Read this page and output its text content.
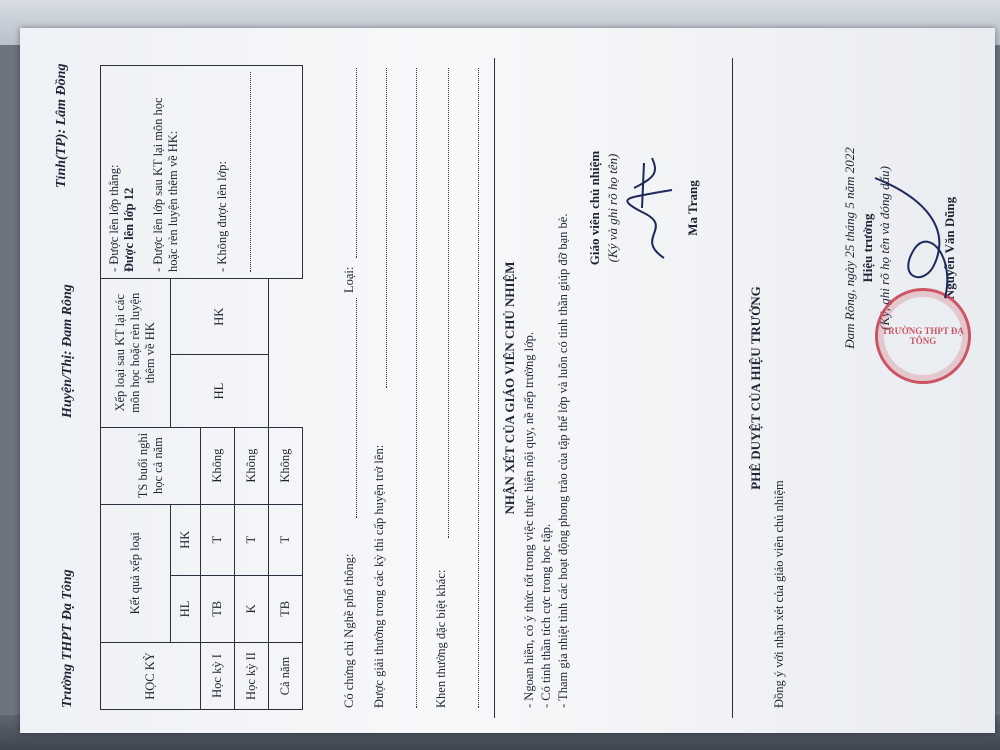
Trường THPT Đạ Tông
Huyện/Thị: Đam Rông
Tỉnh(TP): Lâm Đồng
HỌC KỲ	Kết quả xếp loại		TS buổi nghỉ học cả năm	Xếp loại sau KT lại các môn học hoặc rèn luyện thêm về HK		- Được lên lớp thẳng: Được lên lớp 12 - Được lên lớp sau KT lại môn học hoặc rèn luyện thêm về HK: - Không được lên lớp:

	HL	HK		HL	HK	
Học kỳ I	TB	T	Không			
Học kỳ II	K	T	Không			
Cả năm	TB	T	Không			
Có chứng chỉ Nghề phổ thông:
Loại:
Được giải thưởng trong các kỳ thi cấp huyện trở lên:	Khen thưởng đặc biệt khác:
NHẬN XÉT CỦA GIÁO VIÊN CHỦ NHIỆM - Ngoan hiền, có ý thức tốt trong việc thực hiện nội quy, nề nếp trường lớp. - Có tinh thần tích cực trong học tập. - Tham gia nhiệt tình các hoạt động phong trào của tập thể lớp và luôn có tinh thần giúp đỡ bạn bè.
Giáo viên chủ nhiệm (Ký và ghi rõ họ tên)	Ma Trang
PHÊ DUYỆT CỦA HIỆU TRƯỞNG
Đồng ý với nhận xét của giáo viên chủ nhiệm
Đam Rông, ngày 25 tháng 5 năm 2022 Hiệu trưởng (Ký, ghi rõ họ tên và đóng dấu)	Nguyễn Văn Dũng
TRƯỜNG THPT ĐẠ TÔNG
